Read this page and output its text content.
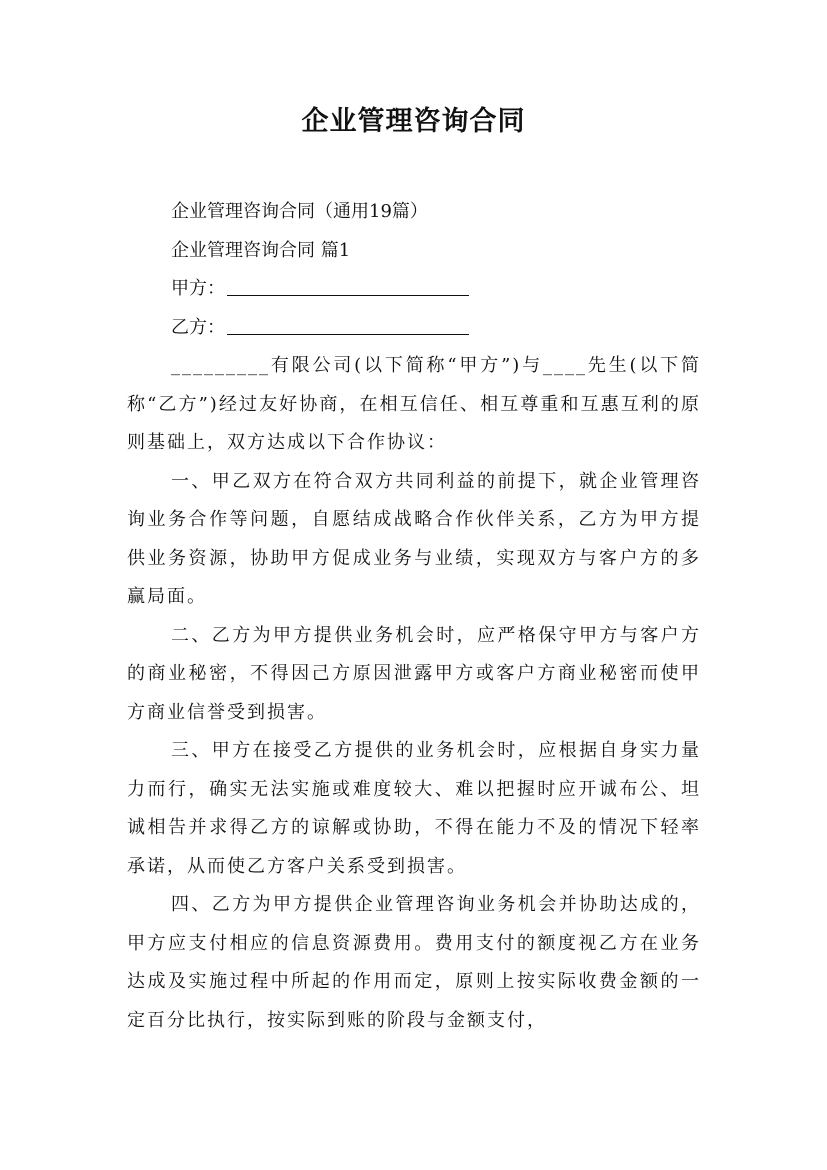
企业管理咨询合同
企业管理咨询合同（通用19篇）
企业管理咨询合同 篇1
甲方：
乙方：

_________有限公司(以下简称“甲方”)与____先生(以下简称“乙方”)经过友好协商，在相互信任、相互尊重和互惠互利的原则基础上，双方达成以下合作协议：

一、甲乙双方在符合双方共同利益的前提下，就企业管理咨询业务合作等问题，自愿结成战略合作伙伴关系，乙方为甲方提供业务资源，协助甲方促成业务与业绩，实现双方与客户方的多赢局面。

二、乙方为甲方提供业务机会时，应严格保守甲方与客户方的商业秘密，不得因己方原因泄露甲方或客户方商业秘密而使甲方商业信誉受到损害。

三、甲方在接受乙方提供的业务机会时，应根据自身实力量力而行，确实无法实施或难度较大、难以把握时应开诚布公、坦诚相告并求得乙方的谅解或协助，不得在能力不及的情况下轻率承诺，从而使乙方客户关系受到损害。

四、乙方为甲方提供企业管理咨询业务机会并协助达成的，甲方应支付相应的信息资源费用。费用支付的额度视乙方在业务达成及实施过程中所起的作用而定，原则上按实际收费金额的一定百分比执行，按实际到账的阶段与金额支付，
